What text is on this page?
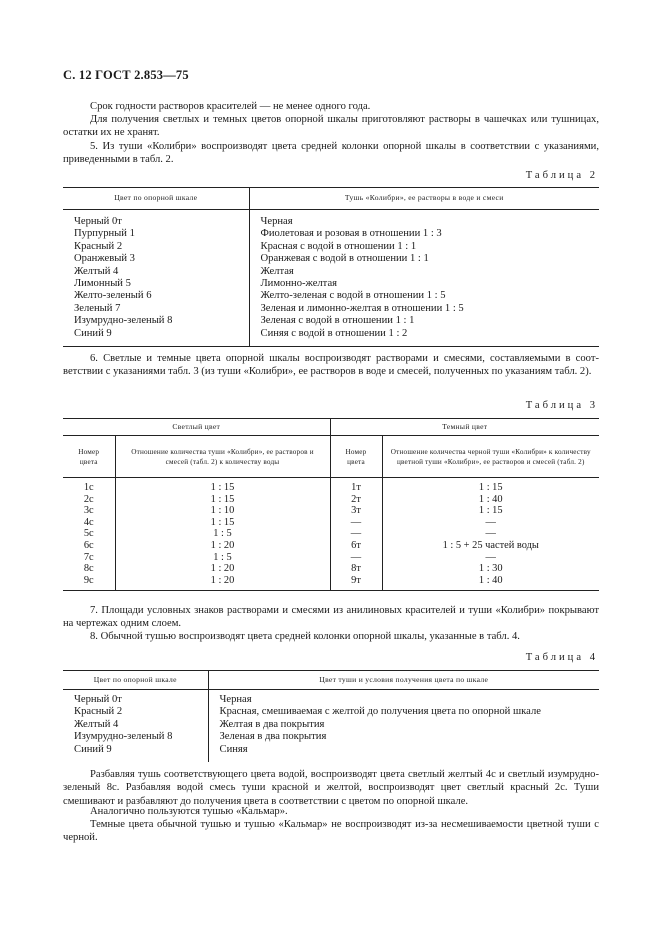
С. 12 ГОСТ 2.853—75
Срок годности растворов красителей — не менее одного года.
Для получения светлых и темных цветов опорной шкалы приготовляют растворы в чашечках или тушницах, остатки их не хранят.
5. Из туши «Колибри» воспроизводят цвета средней колонки опорной шкалы в соответствии с указаниями, приведенными в табл. 2.
Таблица 2
Цвет по опорной шкале	Тушь «Колибри», ее растворы в воде и смеси
Черный 0т	Черная
Пурпурный 1	Фиолетовая и розовая в отношении 1 : 3
Красный 2	Красная с водой в отношении 1 : 1
Оранжевый 3	Оранжевая с водой в отношении 1 : 1
Желтый 4	Желтая
Лимонный 5	Лимонно-желтая
Желто-зеленый 6	Желто-зеленая с водой в отношении 1 : 5
Зеленый 7	Зеленая и лимонно-желтая в отношении 1 : 5
Изумрудно-зеленый 8	Зеленая с водой в отношении 1 : 1
Синий 9	Синяя с водой в отношении 1 : 2
6. Светлые и темные цвета опорной шкалы воспроизводят растворами и смесями, составляемыми в соответствии с указаниями табл. 3 (из туши «Колибри», ее растворов в воде и смесей, полученных по указаниям табл. 2).
Таблица 3
Светлый цвет		Темный цвет	
Номер цвета	Отношение количества туши «Колибри», ее растворов и смесей (табл. 2) к количеству воды	Номер цвета	Отношение количества черной туши «Колибри» к количеству цветной туши «Колибри», ее растворов и смесей (табл. 2)
1с	1 : 15	1т	1 : 15
2с	1 : 15	2т	1 : 40
3с	1 : 10	3т	1 : 15
4с	1 : 15	—	—
5с	1 : 5	—	—
6с	1 : 20	6т	1 : 5 + 25 частей воды
7с	1 : 5	—	—
8с	1 : 20	8т	1 : 30
9с	1 : 20	9т	1 : 40
7. Площади условных знаков растворами и смесями из анилиновых красителей и туши «Колибри» покрывают на чертежах одним слоем.
8. Обычной тушью воспроизводят цвета средней колонки опорной шкалы, указанные в табл. 4.
Таблица 4
Цвет по опорной шкале	Цвет туши и условия получения цвета по шкале
Черный 0т	Черная
Красный 2	Красная, смешиваемая с желтой до получения цвета по опорной шкале
Желтый 4	Желтая в два покрытия
Изумрудно-зеленый 8	Зеленая в два покрытия
Синий 9	Синяя
Разбавляя тушь соответствующего цвета водой, воспроизводят цвета светлый желтый 4с и светлый изумрудно-зеленый 8с. Разбавляя водой смесь туши красной и желтой, воспроизводят цвет светлый красный 2с. Туши смешивают и разбавляют до получения цвета в соответствии с цветом по опорной шкале.
Аналогично пользуются тушью «Кальмар».
Темные цвета обычной тушью и тушью «Кальмар» не воспроизводят из-за несмешиваемости цветной туши с черной.
